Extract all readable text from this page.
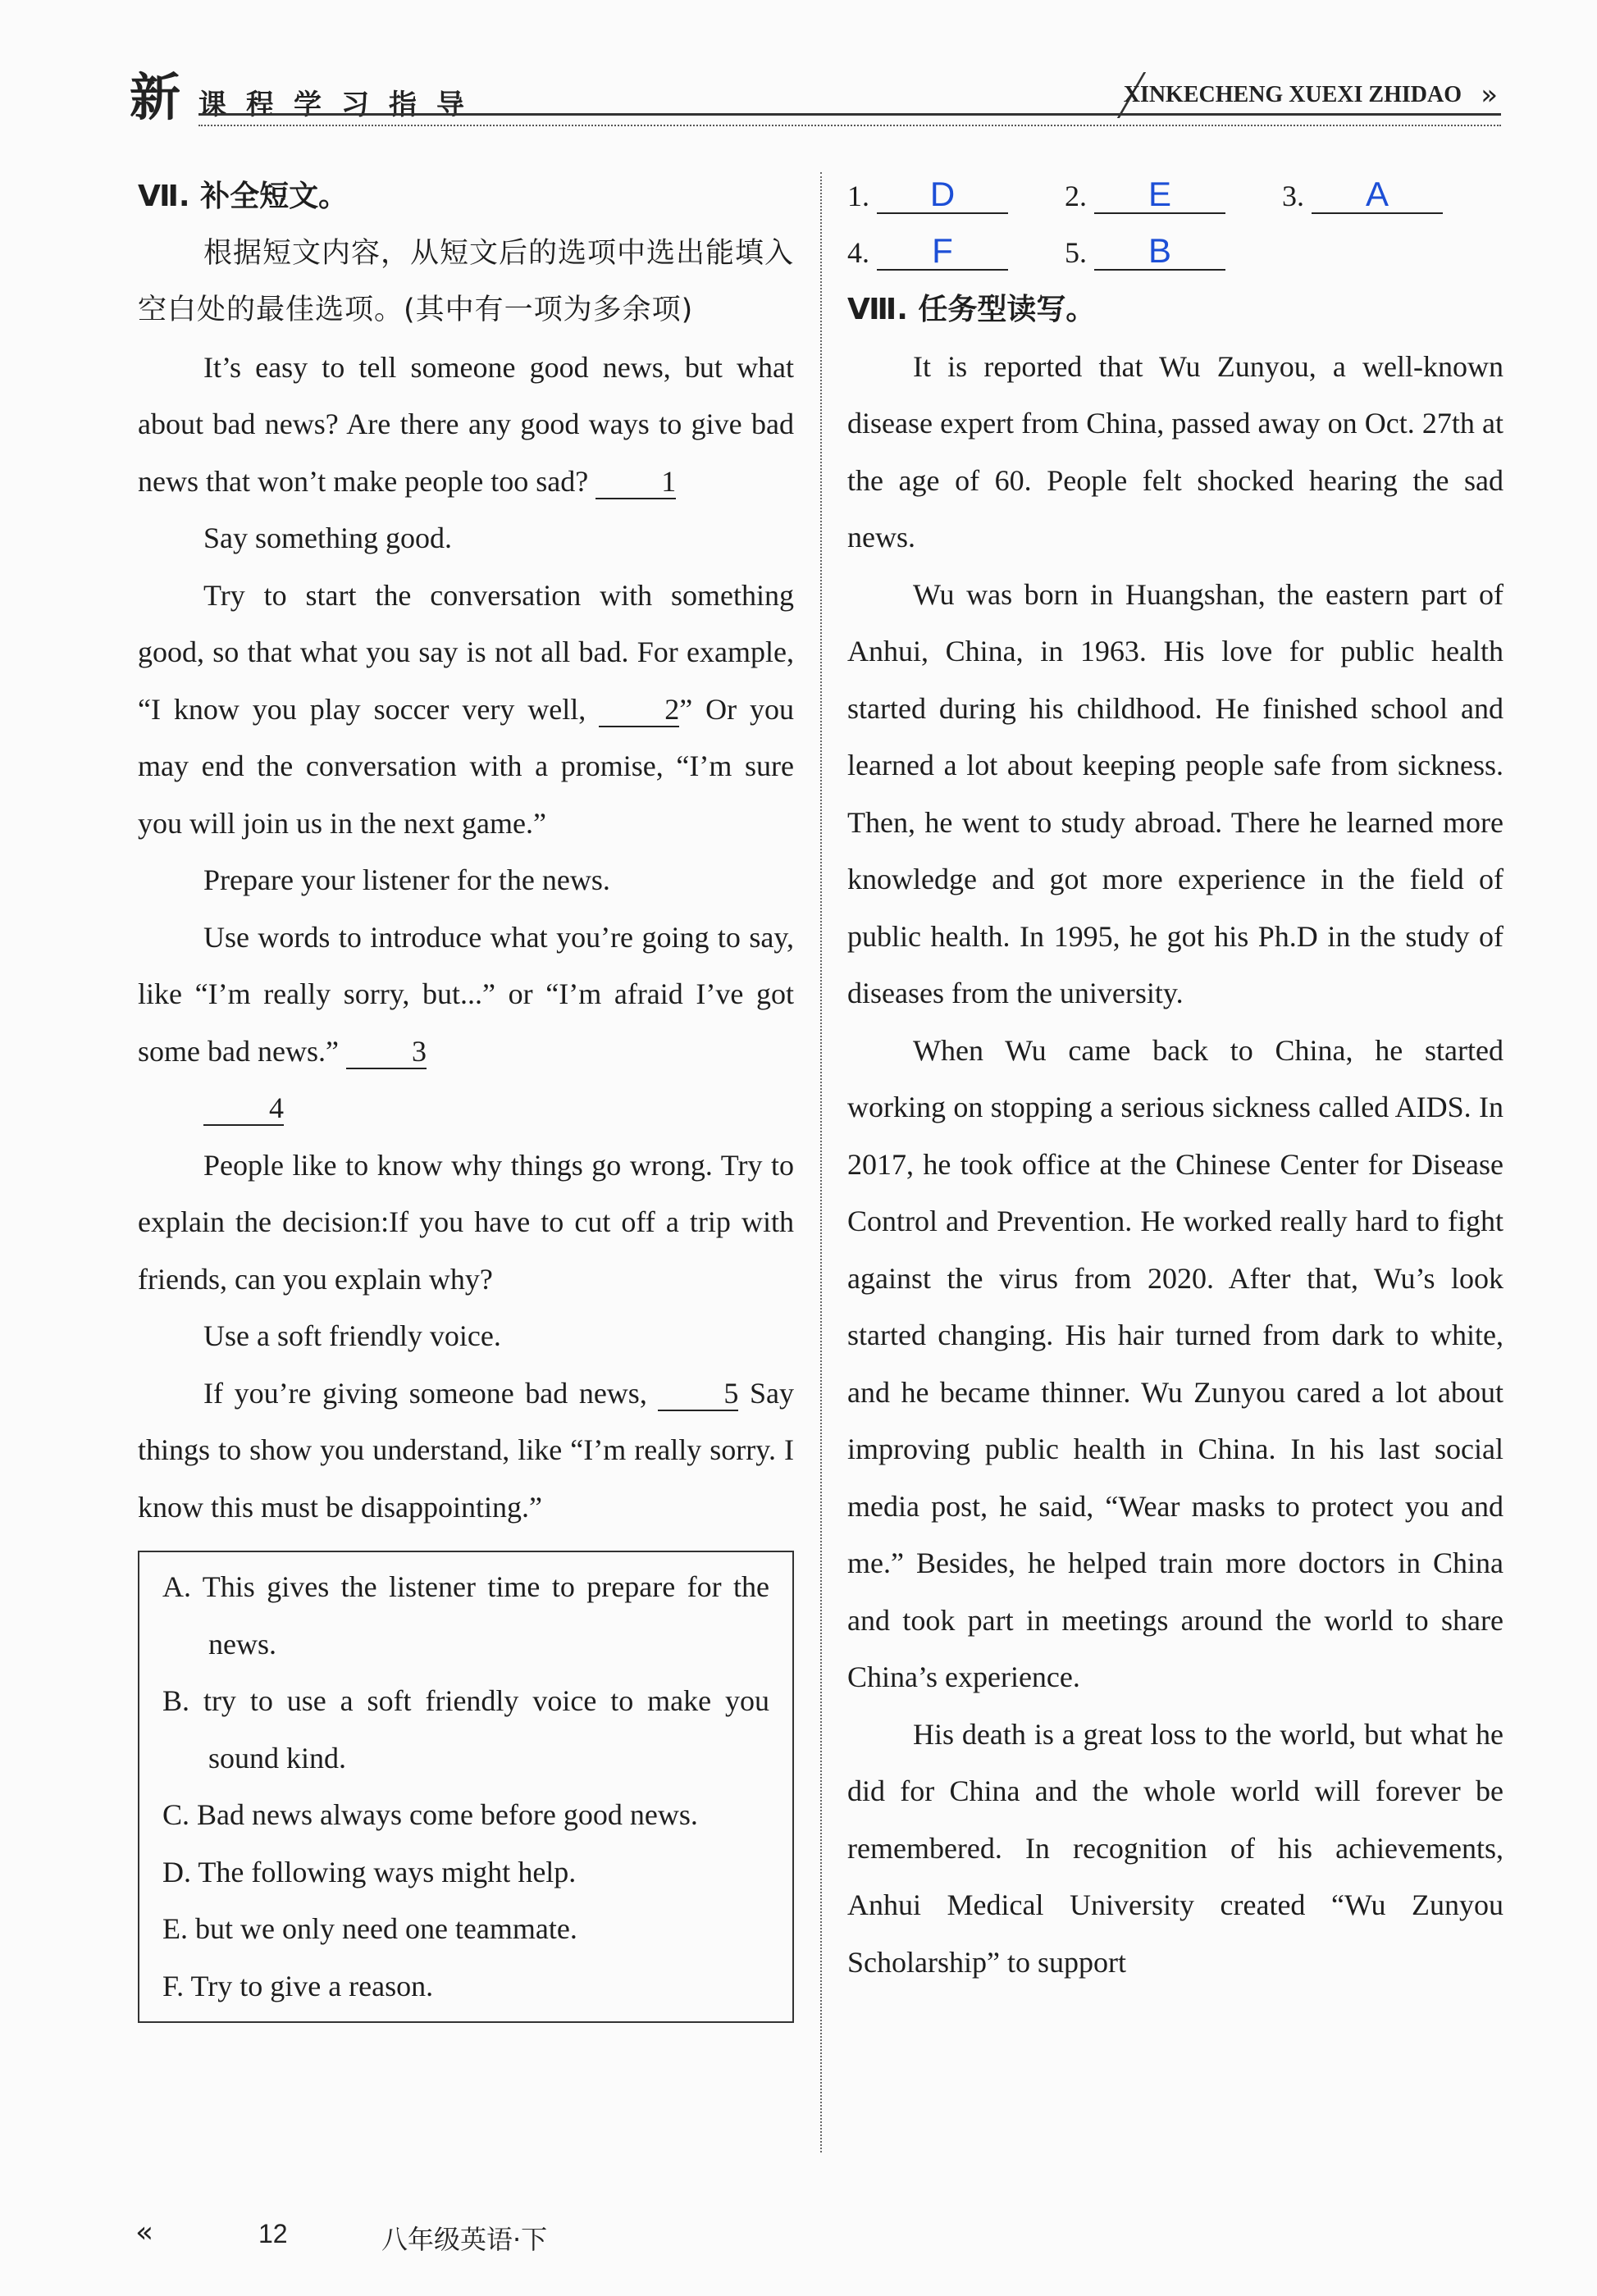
新 课程学习指导	XINKECHENG XUEXI ZHIDAO »
Ⅶ. 补全短文。

根据短文内容，从短文后的选项中选出能填入空白处的最佳选项。(其中有一项为多余项)

It’s easy to tell someone good news, but what about bad news? Are there any good ways to give bad news that won’t make people too sad? 1

Say something good.

Try to start the conversation with something good, so that what you say is not all bad. For example, “I know you play soccer very well,	2” Or you may end the conversation with a promise, “I’m sure you will join us in the next game.”

Prepare your listener for the news.

Use words to introduce what you’re going to say, like “I’m really sorry, but...” or “I’m afraid I’ve got some bad news.” 3

4

People like to know why things go wrong. Try to explain the decision:If you have to cut off a trip with friends, can you explain why?

Use a soft friendly voice.

If you’re giving someone bad news,	5 Say things to show you understand, like “I’m really sorry. I know this must be disappointing.”

A. This gives the listener time to prepare for the news.

B. try to use a soft friendly voice to make you sound kind.

C. Bad news always come before good news.

D. The following ways might help.

E. but we only need one teammate.

F. Try to give a reason.

1. D	2. E	3. A
4. F	5. B
Ⅷ. 任务型读写。

It is reported that Wu Zunyou, a well-known disease expert from China, passed away on Oct. 27th at the age of 60. People felt shocked hearing the sad news.

Wu was born in Huangshan, the eastern part of Anhui, China, in 1963. His love for public health started during his childhood. He finished school and learned a lot about keeping people safe from sickness. Then, he went to study abroad. There he learned more knowledge and got more experience in the field of public health. In 1995, he got his Ph.D in the study of diseases from the university.

When Wu came back to China, he started working on stopping a serious sickness called AIDS. In 2017, he took office at the Chinese Center for Disease Control and Prevention. He worked really hard to fight against the virus from 2020. After that, Wu’s look started changing. His hair turned from dark to white, and he became thinner. Wu Zunyou cared a lot about improving public health in China. In his last social media post, he said, “Wear masks to protect you and me.” Besides, he helped train more doctors in China and took part in meetings around the world to share China’s experience.

His death is a great loss to the world, but what he did for China and the whole world will forever be remembered. In recognition of his achievements, Anhui Medical University created “Wu Zunyou Scholarship” to support

«	12	八年级英语·下
